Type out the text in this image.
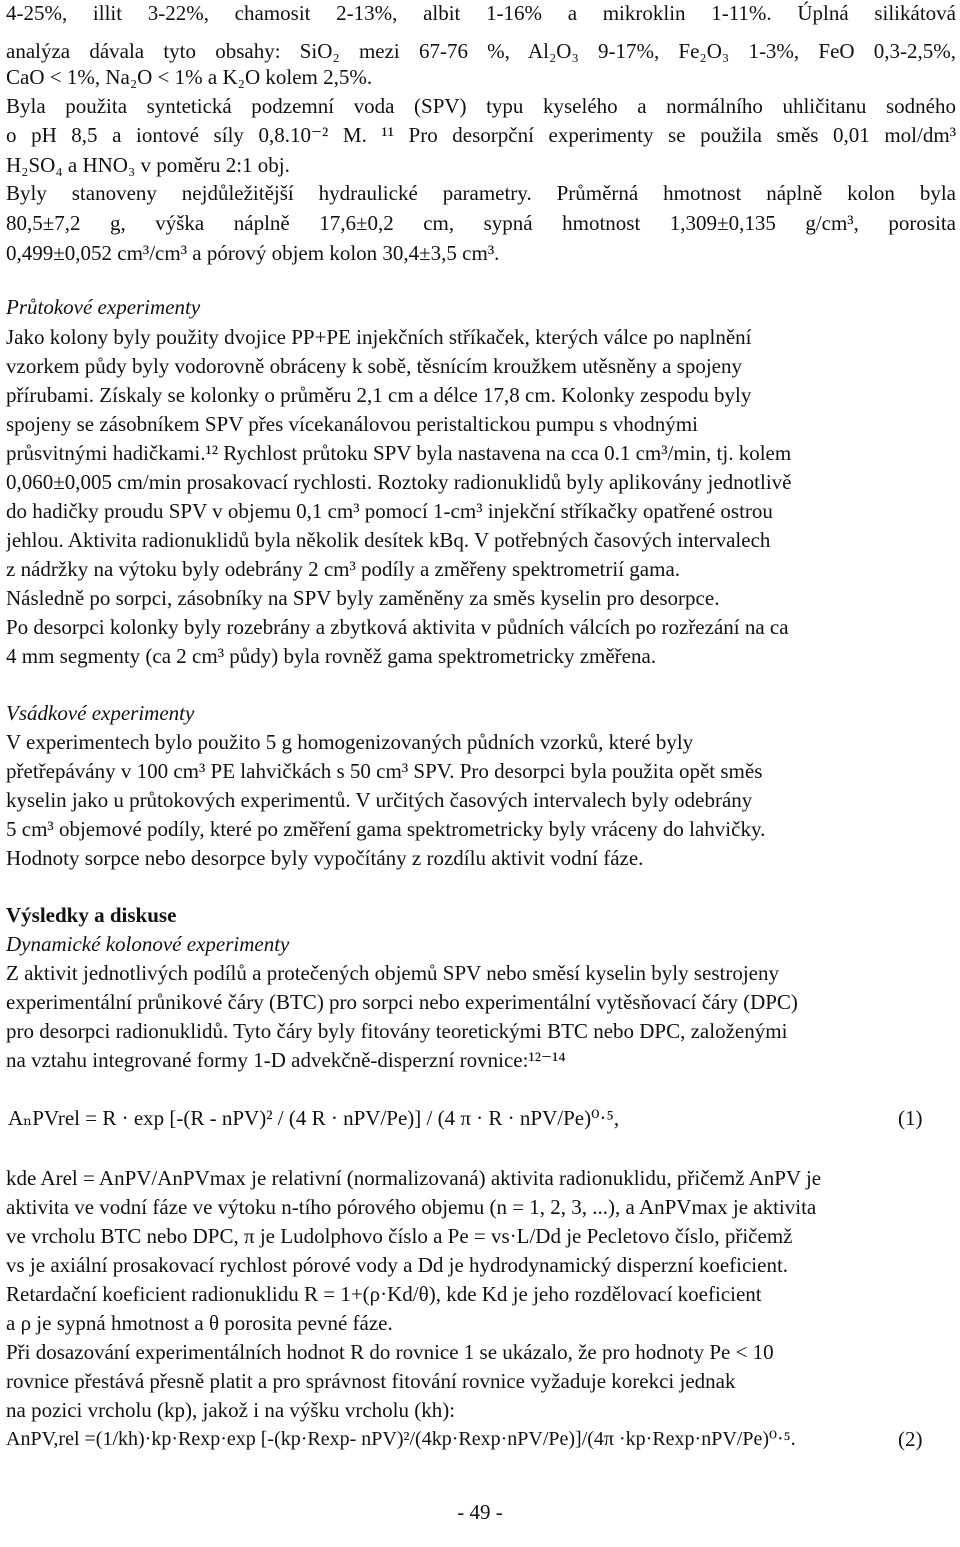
4-25%, illit 3-22%, chamosit 2-13%, albit 1-16% a mikroklin 1-11%. Úplná silikátová
analýza dávala tyto obsahy: SiO₂ mezi 67-76 %, Al₂O₃ 9-17%, Fe₂O₃ 1-3%, FeO 0,3-2,5%,
CaO < 1%, Na₂O < 1% a K₂O kolem 2,5%.
Byla použita syntetická podzemní voda (SPV) typu kyselého a normálního uhličitanu sodného
o pH 8,5 a iontové síly 0,8.10⁻² M. ¹¹ Pro desorpční experimenty se použila směs 0,01 mol/dm³
H₂SO₄ a HNO₃ v poměru 2:1 obj.
Byly stanoveny nejdůležitější hydraulické parametry. Průměrná hmotnost náplně kolon byla
80,5±7,2 g, výška náplně 17,6±0,2 cm, sypná hmotnost 1,309±0,135 g/cm³, porosita
0,499±0,052 cm³/cm³ a pórový objem kolon 30,4±3,5 cm³.
Průtokové experimenty
Jako kolony byly použity dvojice PP+PE injekčních stříkaček, kterých válce po naplnění
vzorkem půdy byly vodorovně obráceny k sobě, těsnícím kroužkem utěsněny a spojeny
přírubami. Získaly se kolonky o průměru 2,1 cm a délce 17,8 cm. Kolonky zespodu byly
spojeny se zásobníkem SPV přes vícekanálovou peristaltickou pumpu s vhodnými
průsvitnými hadičkami.¹² Rychlost průtoku SPV byla nastavena na cca 0.1 cm³/min, tj. kolem
0,060±0,005 cm/min prosakovací rychlosti. Roztoky radionuklidů byly aplikovány jednotlivě
do hadičky proudu SPV v objemu 0,1 cm³ pomocí 1-cm³ injekční stříkačky opatřené ostrou
jehlou. Aktivita radionuklidů byla několik desítek kBq. V potřebných časových intervalech
z nádržky na výtoku byly odebrány 2 cm³ podíly a změřeny spektrometrií gama.
Následně po sorpci, zásobníky na SPV byly zaměněny za směs kyselin pro desorpce.
Po desorpci kolonky byly rozebrány a zbytková aktivita v půdních válcích po rozřezání na ca
4 mm segmenty (ca 2 cm³ půdy) byla rovněž gama spektrometricky změřena.
Vsádkové experimenty
V experimentech bylo použito 5 g homogenizovaných půdních vzorků, které byly
přetřepávány v 100 cm³ PE lahvičkách s 50 cm³ SPV. Pro desorpci byla použita opět směs
kyselin jako u průtokových experimentů. V určitých časových intervalech byly odebrány
5 cm³ objemové podíly, které po změření gama spektrometricky byly vráceny do lahvičky.
Hodnoty sorpce nebo desorpce byly vypočítány z rozdílu aktivit vodní fáze.
Výsledky a diskuse
Dynamické kolonové experimenty
Z aktivit jednotlivých podílů a protečených objemů SPV nebo směsí kyselin byly sestrojeny
experimentální průnikové čáry (BTC) pro sorpci nebo experimentální vytěsňovací čáry (DPC)
pro desorpci radionuklidů. Tyto čáry byly fitovány teoretickými BTC nebo DPC, založenými
na vztahu integrované formy 1-D advekčně-disperzní rovnice:¹²⁻¹⁴
AₙPVrel = R · exp [-(R - nPV)² / (4 R · nPV/Pe)] / (4 π · R · nPV/Pe)⁰·⁵,	(1)
kde Arel = AnPV/AnPVmax je relativní (normalizovaná) aktivita radionuklidu, přičemž AnPV je
aktivita ve vodní fáze ve výtoku n-tího pórového objemu (n = 1, 2, 3, ...), a AnPVmax je aktivita
ve vrcholu BTC nebo DPC, π je Ludolphovo číslo a Pe = vs·L/Dd je Pecletovo číslo, přičemž
vs je axiální prosakovací rychlost pórové vody a Dd je hydrodynamický disperzní koeficient.
Retardační koeficient radionuklidu R = 1+(ρ·Kd/θ), kde Kd je jeho rozdělovací koeficient
a ρ je sypná hmotnost a θ porosita pevné fáze.
Při dosazování experimentálních hodnot R do rovnice 1 se ukázalo, že pro hodnoty Pe < 10
rovnice přestává přesně platit a pro správnost fitování rovnice vyžaduje korekci jednak
na pozici vrcholu (kp), jakož i na výšku vrcholu (kh):
AnPV,rel =(1/kh)·kp·Rexp·exp [-(kp·Rexp- nPV)²/(4kp·Rexp·nPV/Pe)]/(4π ·kp·Rexp·nPV/Pe)⁰·⁵.	(2)
- 49 -
